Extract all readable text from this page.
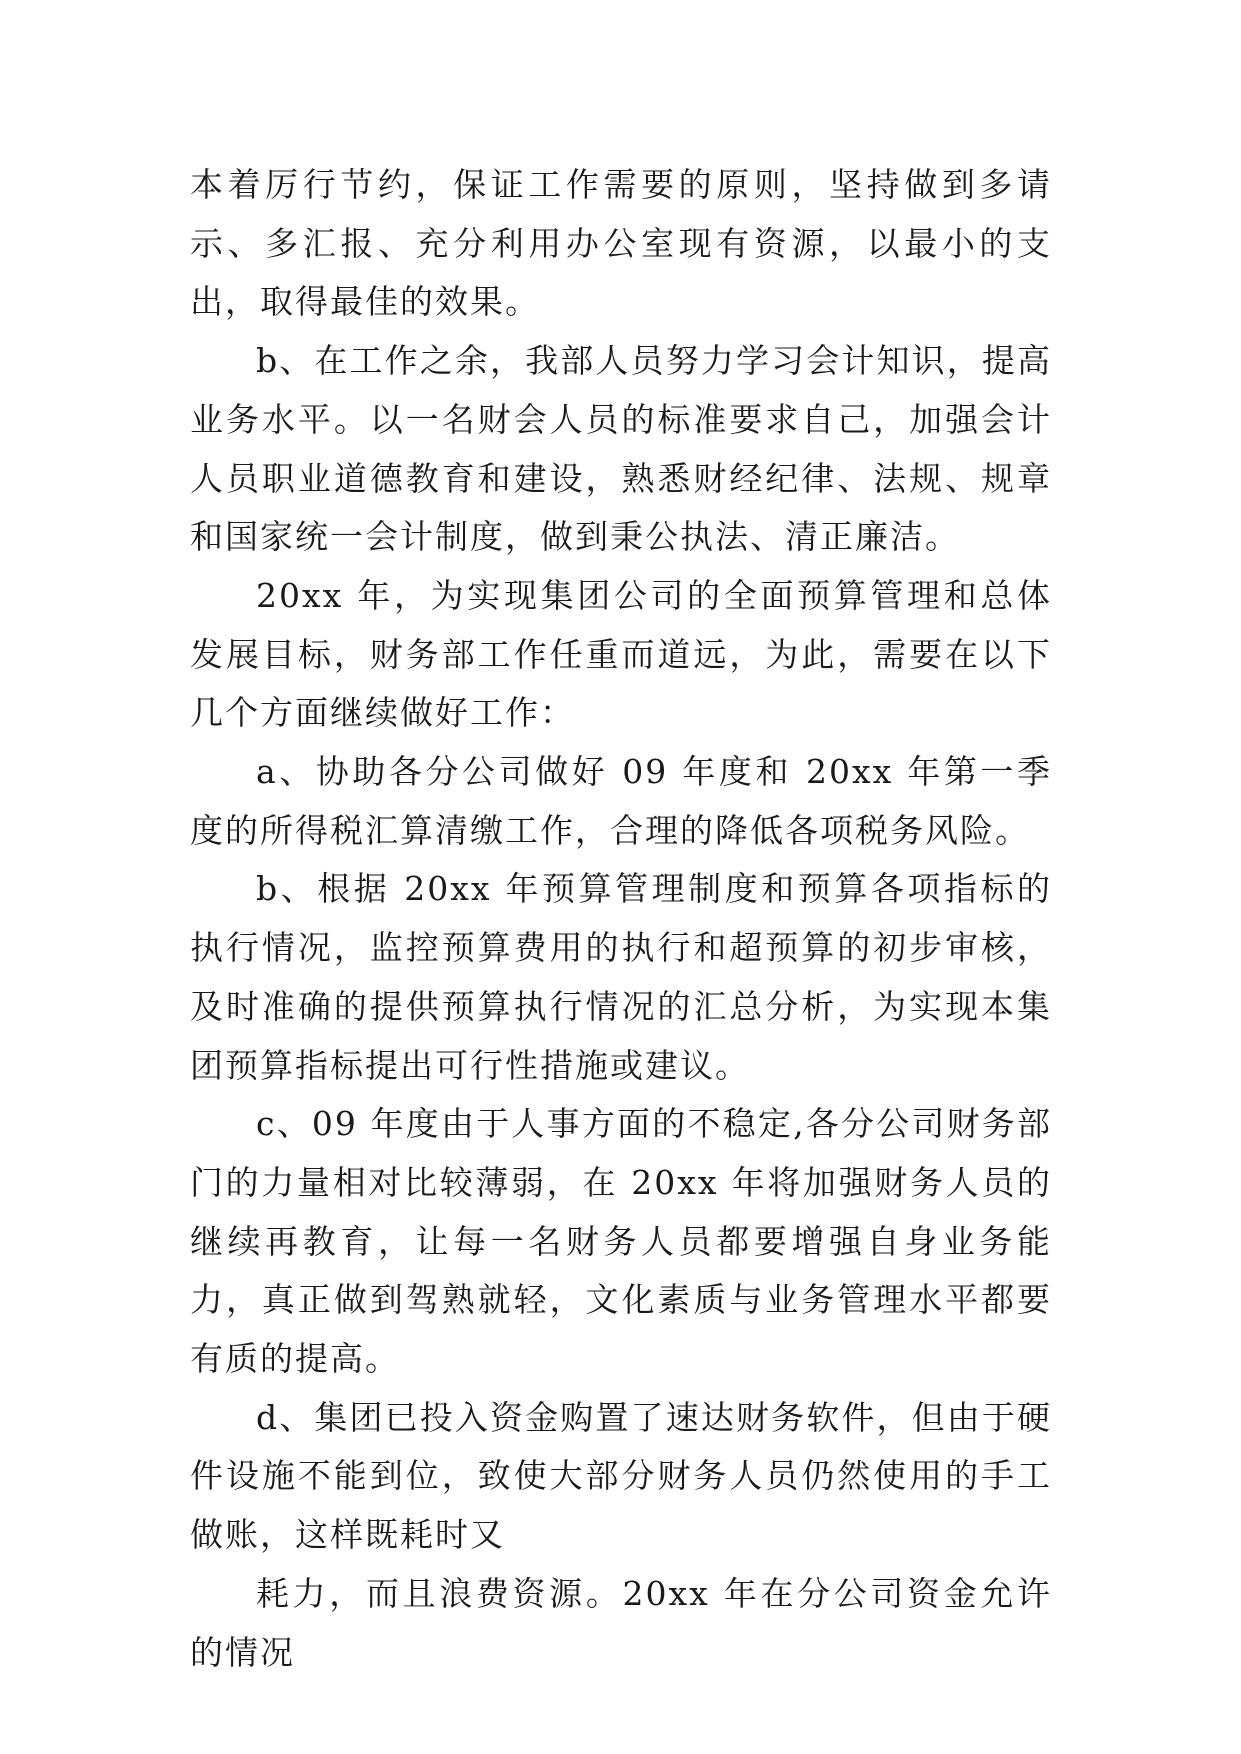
本着厉行节约，保证工作需要的原则，坚持做到多请示、多汇报、充分利用办公室现有资源，以最小的支出，取得最佳的效果。

b、在工作之余，我部人员努力学习会计知识，提高业务水平。以一名财会人员的标准要求自己，加强会计人员职业道德教育和建设，熟悉财经纪律、法规、规章和国家统一会计制度，做到秉公执法、清正廉洁。

20xx 年，为实现集团公司的全面预算管理和总体发展目标，财务部工作任重而道远，为此，需要在以下几个方面继续做好工作：

a、协助各分公司做好 09 年度和 20xx 年第一季度的所得税汇算清缴工作，合理的降低各项税务风险。

b、根据 20xx 年预算管理制度和预算各项指标的执行情况，监控预算费用的执行和超预算的初步审核，及时准确的提供预算执行情况的汇总分析，为实现本集团预算指标提出可行性措施或建议。

c、09 年度由于人事方面的不稳定,各分公司财务部门的力量相对比较薄弱，在 20xx 年将加强财务人员的继续再教育，让每一名财务人员都要增强自身业务能力，真正做到驾熟就轻，文化素质与业务管理水平都要有质的提高。

d、集团已投入资金购置了速达财务软件，但由于硬件设施不能到位，致使大部分财务人员仍然使用的手工做账，这样既耗时又

耗力，而且浪费资源。20xx 年在分公司资金允许的情况
